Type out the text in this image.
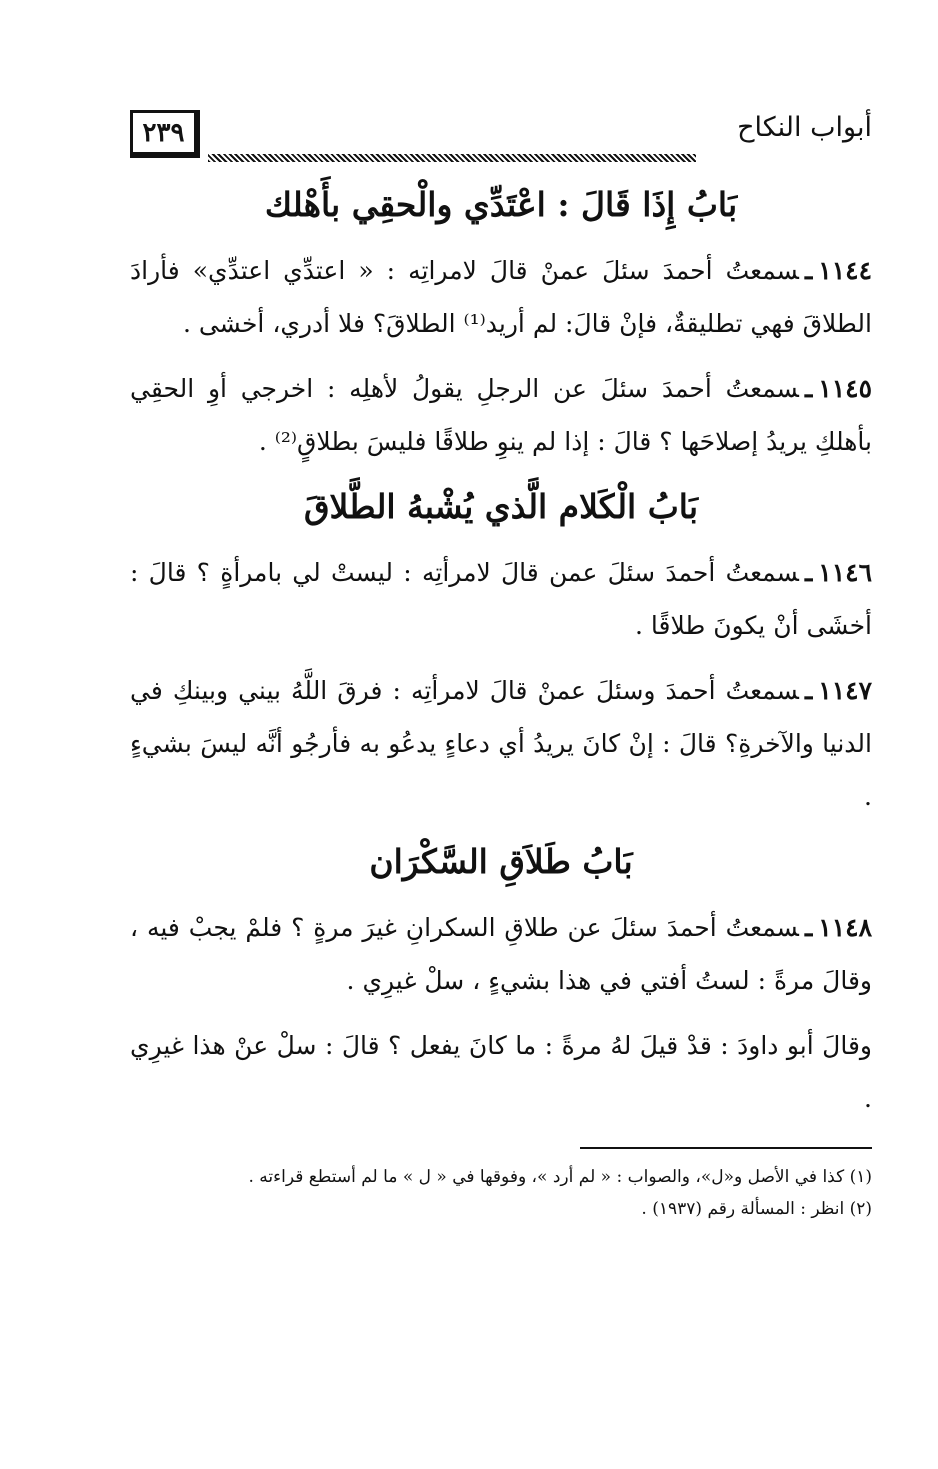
أبواب النكاح
٢٣٩
بَابُ إِذَا قَالَ : اعْتَدِّي والْحقِي بأَهْلك

١١٤٤ـسمعتُ أحمدَ سئلَ عمنْ قالَ لامراتِه : « اعتدِّي اعتدِّي» فأرادَ الطلاقَ فهي تطليقةٌ، فإنْ قالَ: لم أريد⁽¹⁾ الطلاقَ؟ فلا أدري، أخشى .

١١٤٥ـسمعتُ أحمدَ سئلَ عن الرجلِ يقولُ لأهلِه : اخرجي أوِ الحقِي بأهلكِ يريدُ إصلاحَها ؟ قالَ : إذا لم ينوِ طلاقًا فليسَ بطلاقٍ⁽²⁾ .

بَابُ الْكَلام الَّذي يُشْبهُ الطَّلاقَ

١١٤٦ـسمعتُ أحمدَ سئلَ عمن قالَ لامرأتِه : ليستْ لي بامرأةٍ ؟ قالَ : أخشَى أنْ يكونَ طلاقًا .

١١٤٧ـسمعتُ أحمدَ وسئلَ عمنْ قالَ لامرأتِه : فرقَ اللَّهُ بيني وبينكِ في الدنيا والآخرةِ؟ قالَ : إنْ كانَ يريدُ أي دعاءٍ يدعُو به فأرجُو أنَّه ليسَ بشيءٍ .

بَابُ طَلاَقِ السَّكْرَان

١١٤٨ـسمعتُ أحمدَ سئلَ عن طلاقِ السكرانِ غيرَ مرةٍ ؟ فلمْ يجبْ فيه ، وقالَ مرةً : لستُ أفتي في هذا بشيءٍ ، سلْ غيرِي .

وقالَ أبو داودَ : قدْ قيلَ لهُ مرةً : ما كانَ يفعل ؟ قالَ : سلْ عنْ هذا غيرِي .

(١) كذا في الأصل و«ل»، والصواب : « لم أرد »، وفوقها في « ل » ما لم أستطع قراءته .

(٢) انظر : المسألة رقم (١٩٣٧) .
